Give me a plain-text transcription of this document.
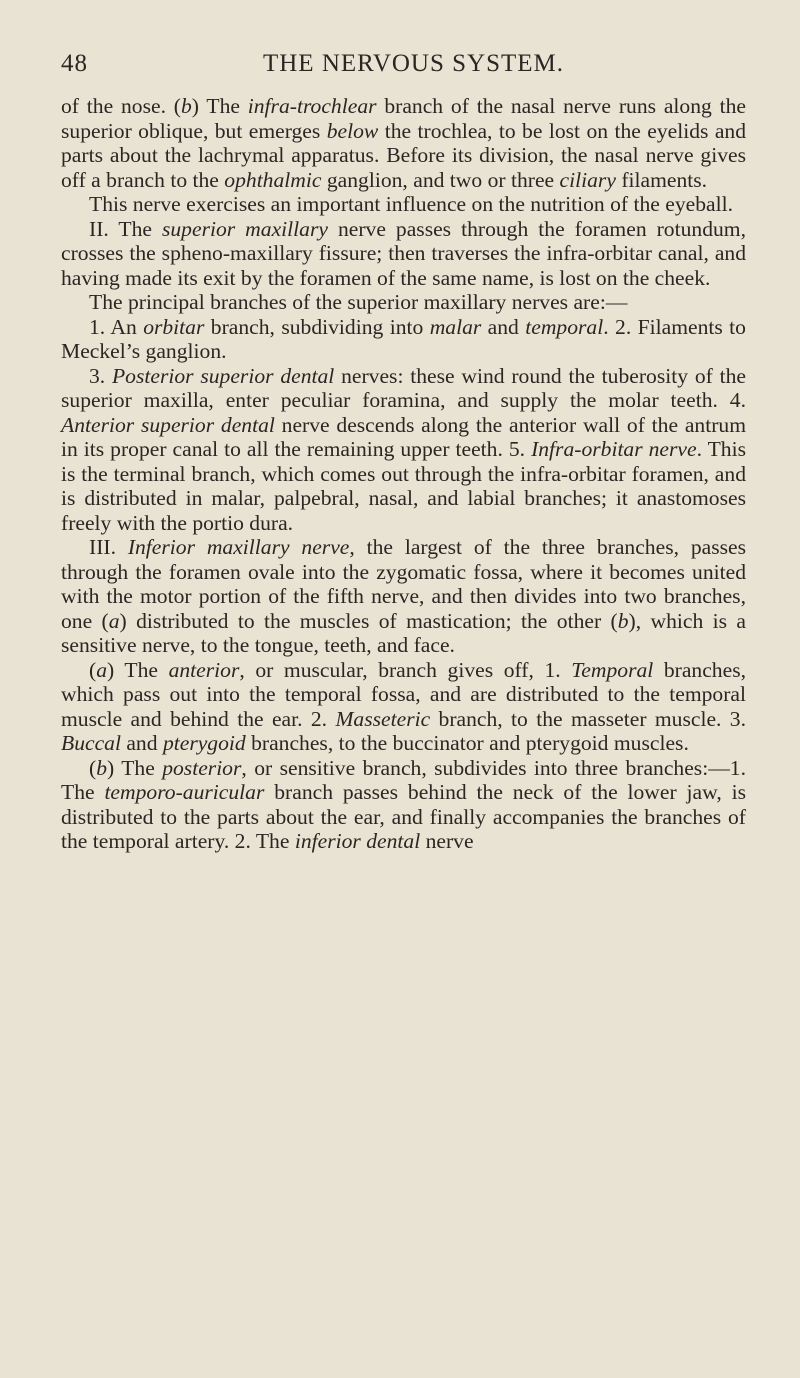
48	THE NERVOUS SYSTEM.

of the nose. (b) The infra-trochlear branch of the nasal nerve runs along the superior oblique, but emerges below the trochlea, to be lost on the eyelids and parts about the lachrymal apparatus. Before its division, the nasal nerve gives off a branch to the ophthalmic ganglion, and two or three ciliary filaments.

This nerve exercises an important influence on the nutrition of the eyeball.

II. The superior maxillary nerve passes through the foramen rotundum, crosses the spheno-maxillary fissure; then traverses the infra-orbitar canal, and having made its exit by the foramen of the same name, is lost on the cheek.

The principal branches of the superior maxillary nerves are:—

1. An orbitar branch, subdividing into malar and temporal. 2. Filaments to Meckel’s ganglion.

3. Posterior superior dental nerves: these wind round the tuberosity of the superior maxilla, enter peculiar foramina, and supply the molar teeth. 4. Anterior superior dental nerve descends along the anterior wall of the antrum in its proper canal to all the remaining upper teeth. 5. Infra-orbitar nerve. This is the terminal branch, which comes out through the infra-orbitar foramen, and is distributed in malar, palpebral, nasal, and labial branches; it anastomoses freely with the portio dura.

III. Inferior maxillary nerve, the largest of the three branches, passes through the foramen ovale into the zygomatic fossa, where it becomes united with the motor portion of the fifth nerve, and then divides into two branches, one (a) distributed to the muscles of mastication; the other (b), which is a sensitive nerve, to the tongue, teeth, and face.

(a) The anterior, or muscular, branch gives off, 1. Temporal branches, which pass out into the temporal fossa, and are distributed to the temporal muscle and behind the ear. 2. Masseteric branch, to the masseter muscle. 3. Buccal and pterygoid branches, to the buccinator and pterygoid muscles.

(b) The posterior, or sensitive branch, subdivides into three branches:—1. The temporo-auricular branch passes behind the neck of the lower jaw, is distributed to the parts about the ear, and finally accompanies the branches of the temporal artery. 2. The inferior dental nerve
